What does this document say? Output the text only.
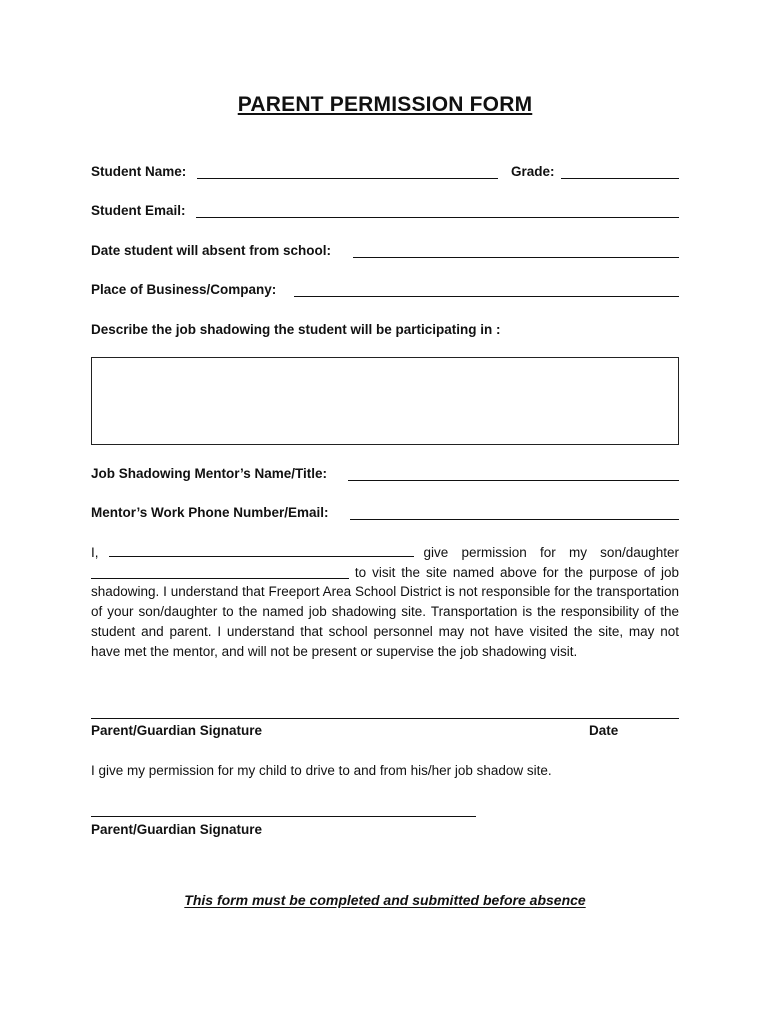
PARENT PERMISSION FORM
Student Name:	Grade:
Student Email:
Date student will absent from school:
Place of Business/Company:
Describe the job shadowing the student will be participating in :
Job Shadowing Mentor’s Name/Title:
Mentor’s Work Phone Number/Email:

I,	give permission for my son/daughter
to visit the site named above for the purpose of job shadowing. I understand that Freeport Area School District is not responsible for the transportation of your son/daughter to the named job shadowing site. Transportation is the responsibility of the student and parent. I understand that school personnel may not have visited the site, may not have met the mentor, and will not be present or supervise the job shadowing visit.

Parent/Guardian Signature	Date
I give my permission for my child to drive to and from his/her job shadow site.
Parent/Guardian Signature
This form must be completed and submitted before absence
